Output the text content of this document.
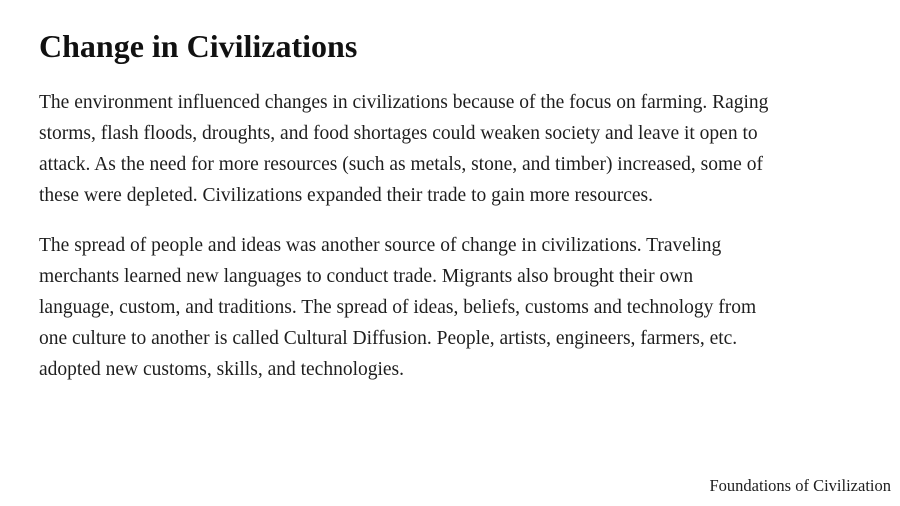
Change in Civilizations

The environment influenced changes in civilizations because of the focus on farming. Raging
storms, flash floods, droughts, and food shortages could weaken society and leave it open to
attack. As the need for more resources (such as metals, stone, and timber) increased, some of
these were depleted. Civilizations expanded their trade to gain more resources.

The spread of people and ideas was another source of change in civilizations. Traveling
merchants learned new languages to conduct trade. Migrants also brought their own
language, custom, and traditions. The spread of ideas, beliefs, customs and technology from
one culture to another is called Cultural Diffusion. People, artists, engineers, farmers, etc.
adopted new customs, skills, and technologies.

Foundations of Civilization
